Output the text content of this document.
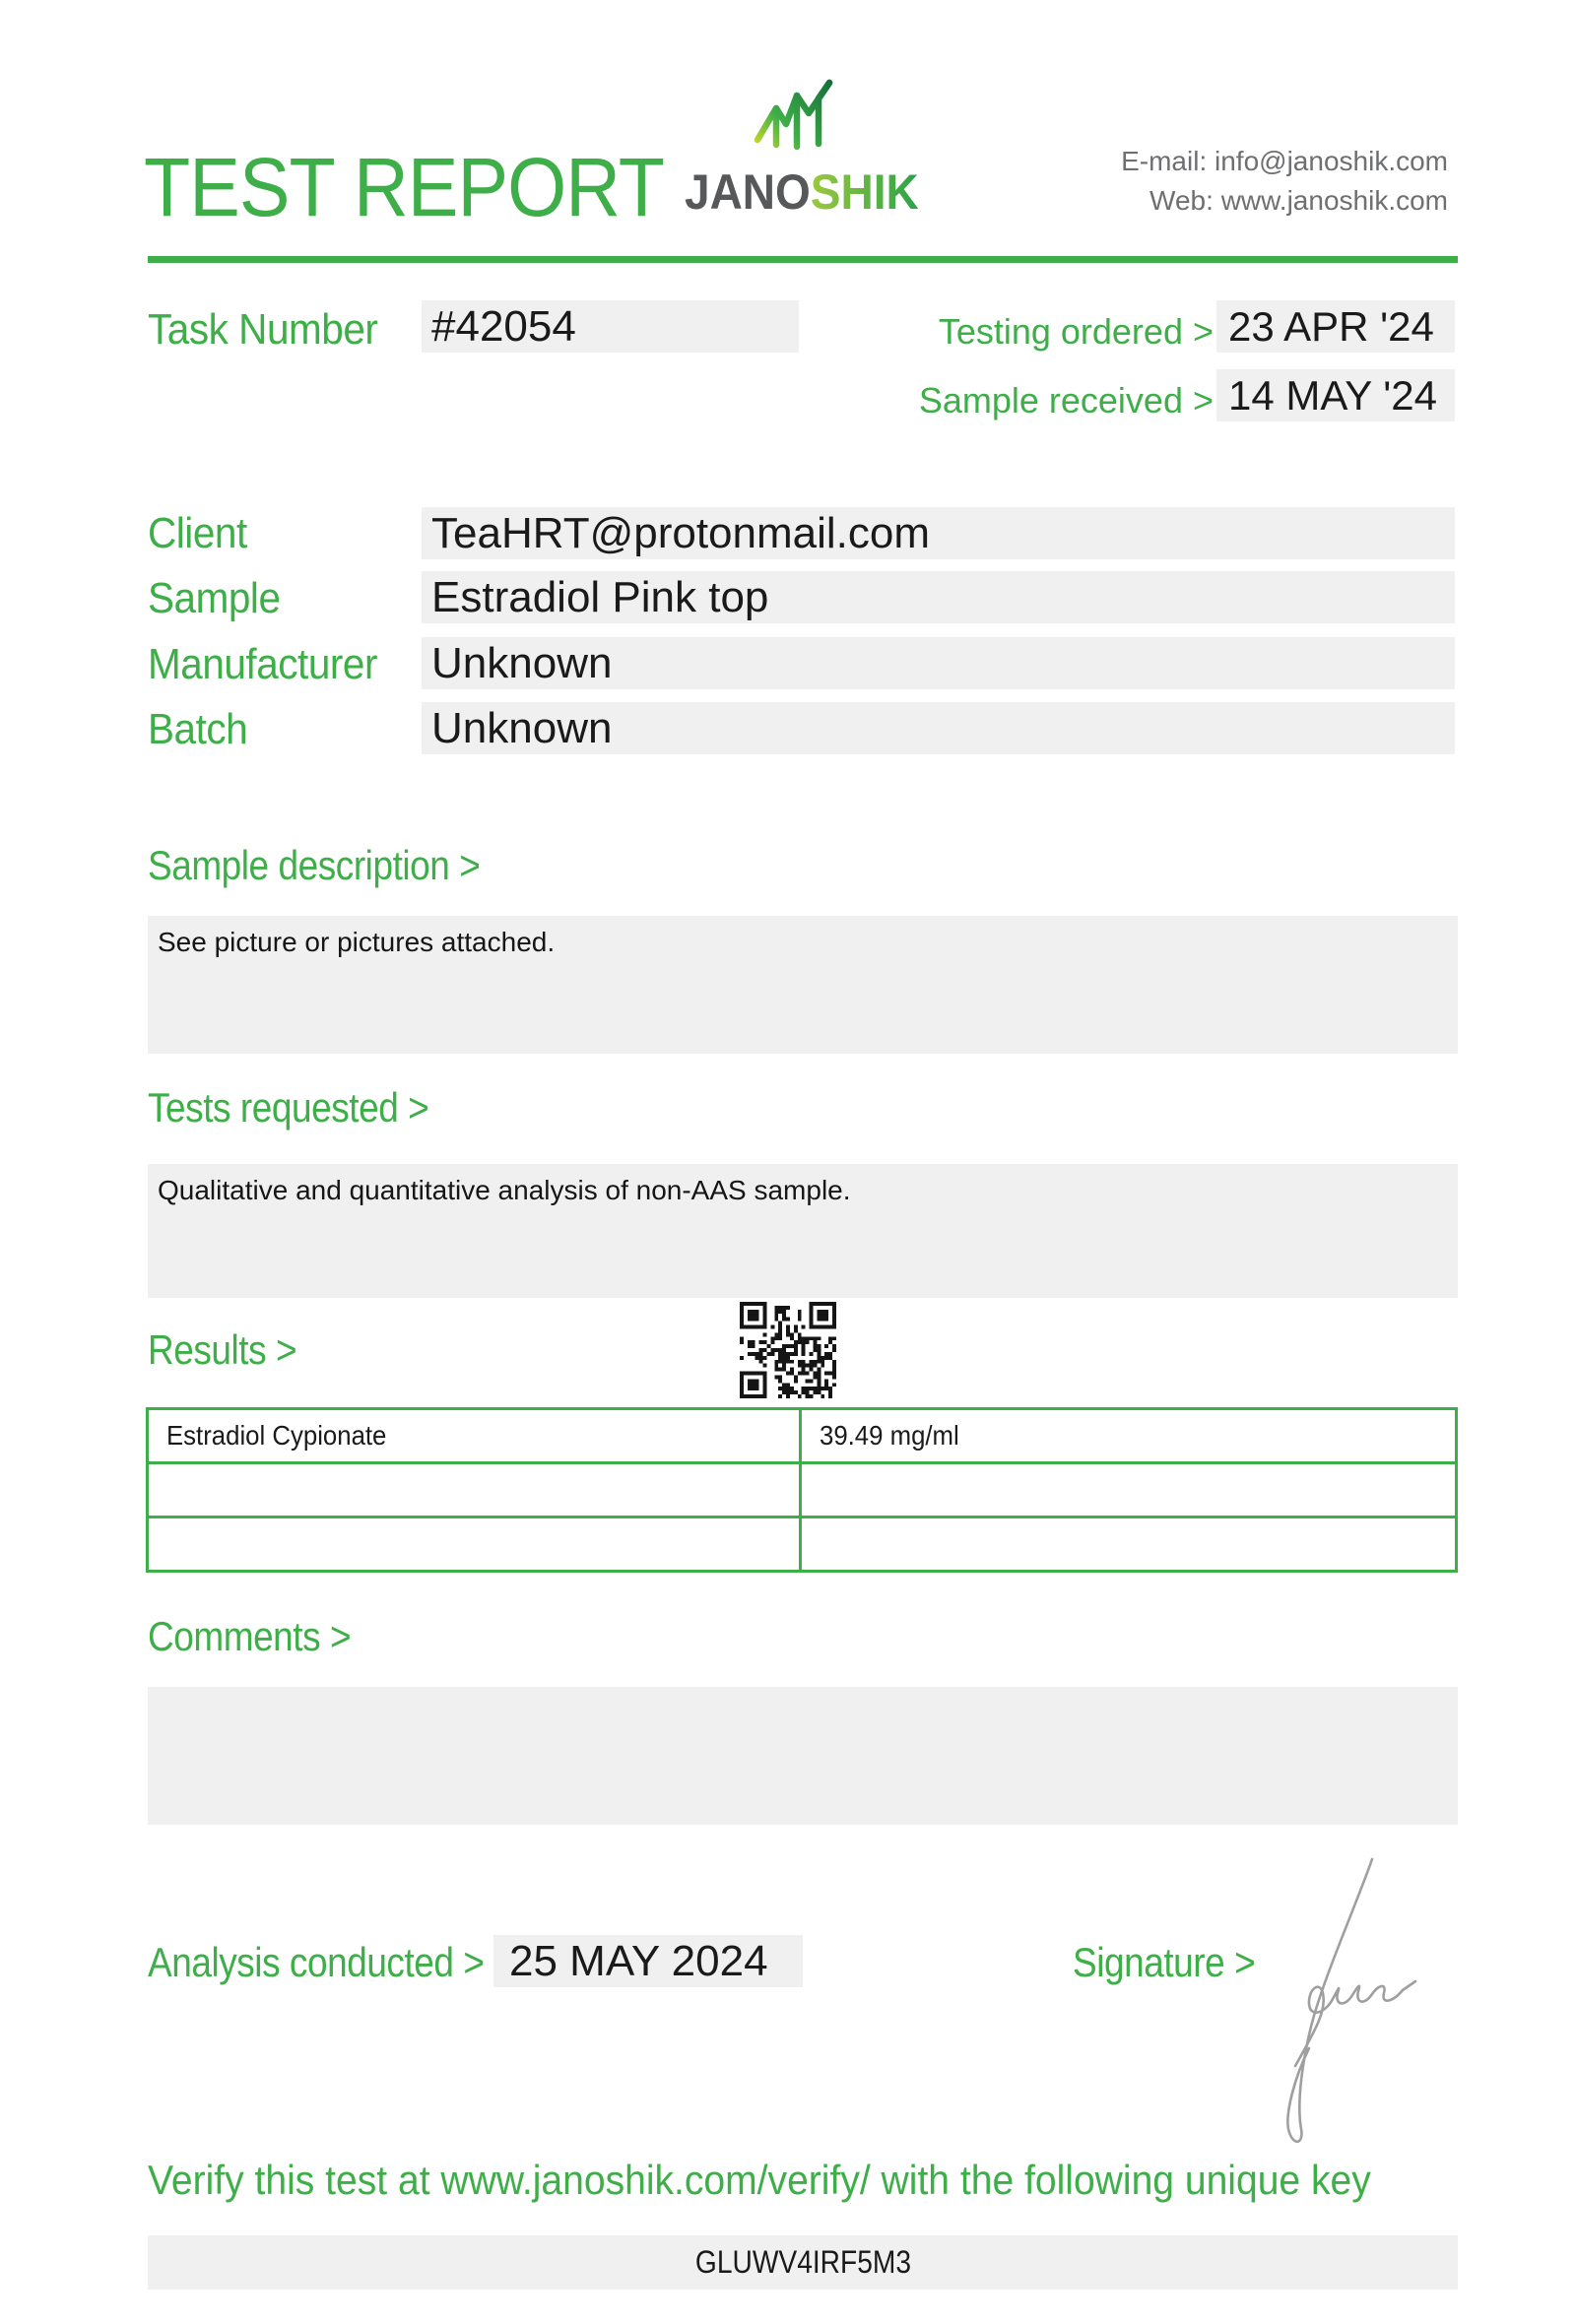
TEST REPORT JANOSHIK
E-mail: info@janoshik.com
Web: www.janoshik.com
Task Number	#42054	Testing ordered > 23 APR '24
Sample received > 14 MAY '24
Client	TeaHRT@protonmail.com
Sample	Estradiol Pink top
Manufacturer	Unknown
Batch	Unknown
Sample description >
See picture or pictures attached.
Tests requested >
Qualitative and quantitative analysis of non-AAS sample.
Results >
Estradiol Cypionate	39.49 mg/ml

Comments >
Analysis conducted > 25 MAY 2024	Signature >
Verify this test at www.janoshik.com/verify/ with the following unique key
GLUWV4IRF5M3
